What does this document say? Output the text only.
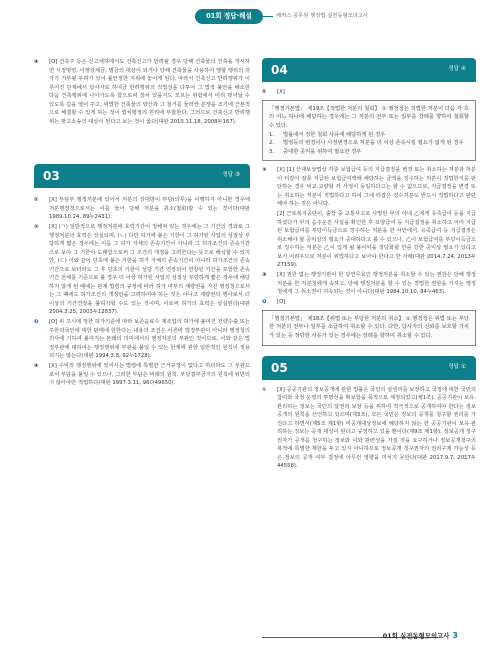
01회 정답·해설	해커스 공무원 행정법 실전동형모의고사
④ [O] 건축주 등은 신고제하에서도 건축신고가 반려될 경우 당해 건축물의 건축을 개시하면 시정명령, 이행강제금, 벌금의 대상이 되거나 당해 건축물을 사용하여 행할 행위의 허가가 거부될 우려가 있어 불안정한 지위에 놓이게 된다. 따라서 건축신고 반려행위가 이루어진 단계에서 당사자로 하여금 반려행위의 적법성을 다투어 그 법적 불안을 해소한 다음 건축행위에 나아가도록 함으로써 장차 있을지도 모르는 위험에서 미리 벗어날 수 있도록 길을 열어 주고, 위법한 건축물의 양산과 그 철거를 둘러싼 분쟁을 조기에 근본적으로 해결할 수 있게 하는 것이 법치행정의 원리에 부합한다. 그러므로 건축신고 반려행위는 항고소송의 대상이 된다고 보는 것이 옳다(대판 2010.11.18, 2008두167).
03	정답 ③
① [X] 부담부 행정처분에 있어서 처분의 상대방이 부담(의무)을 이행하지 아니한 경우에 처분행정청으로서는 이를 들어 당해 처분을 취소(철회)할 수 있는 것이다(대판 1989.10.24, 89누2431).
② [X] (ㄱ) 일반적으로 행정처분에 효력기간이 정해져 있는 경우에는 그 기간의 경과로 그 행정처분의 효력은 상실되며, (ㄴ) 다만 허가에 붙은 기한이 그 허가된 사업의 성질상 부당하게 짧은 경우에는 이를 그 허가 자체의 존속기간이 아니라 그 허가조건의 존속기간으로 보아 그 기한이 도래함으로써 그 조건의 개정을 고려한다는 뜻으로 해석할 수 있지만, (ㄷ) 이와 같이 당초에 붙은 기한을 허가 자체의 존속기간이 아니라 허가조건의 존속기간으로 보더라도 그 후 당초의 기한이 상당 기간 연장되어 연장된 기간을 포함한 존속기간 전체를 기준으로 볼 경우 더 이상 허가된 사업의 성질상 부당하게 짧은 경우에 해당하지 않게 된 때에는 관계 법령의 규정에 따라 허가 여부의 재량권을 가진 행정청으로서는 그 때에도 허가조건의 개정만을 고려하여야 하는 것은 아니고 재량권의 행사로서 더 이상의 기간연장을 불허가할 수도 있는 것이며, 이로써 허가의 효력은 상실된다(대판 2004.3.25, 2003두12837).
❸ [O] 위 고시에 정한 허가기준에 따라 보존음료수 제조업의 허가에 붙여진 전량수출 또는 주한외국인에 대한 판매에 한한다는 내용의 조건은 이른바 법정부관이 아니라 행정청의 의사에 기하여 붙여지는 본래의 의미에서의 행정처분의 부관인 것이므로, 이와 같은 법정부관에 대하여는 행정행위에 부관을 붙일 수 있는 한계에 관한 일반적인 원칙이 적용되지는 않는다(대판 1994.3.8, 92누1728).
④ [X] 수익적 행정행위에 있어서는 법령에 특별한 근거규정이 없다고 하더라도 그 부관으로서 부담을 붙일 수 있으나, 그러한 부담은 비례의 원칙, 부당결부금지의 원칙에 위반되지 않아야만 적법하다(대판 1997.3.11, 96다49650).
04	정답 ④
① [X]

「행정기본법」 제19조【적법한 처분의 철회】 ① 행정청은 적법한 처분이 다음 각 호의 어느 하나에 해당하는 경우에는 그 처분의 전부 또는 일부를 장래를 향하여 철회할 수 있다.

1. 법률에서 정한 철회 사유에 해당하게 된 경우
2. 법령등의 변경이나 사정변경으로 처분을 더 이상 존속시킬 필요가 없게 된 경우
3. 중대한 공익을 위하여 필요한 경우
② [X] [1] 산재보상법상 각종 보험급여 등의 지급결정을 변경 또는 취소하는 처분과 처분이 터잡아 잘못 지급된 보험급여액에 해당하는 금액을 징수하는 처분이 적법한지를 판단하는 경우 비교·교량할 각 사정이 동일하다고는 할 수 없으므로, 지급결정을 변경 또는 취소하는 처분이 적법하다고 하여 그에 터잡은 징수처분도 반드시 적법하다고 판단해야 하는 것은 아니다.
[2] 근로복지공단이, 출장 중 교통사고로 사망한 甲의 아내 乙에게 유족급여 등을 지급하였다가 甲의 음주운전 사실을 확인한 후 요양급여 등 지급결정을 취소하고 이미 지급된 보험급여를 부당이득금으로 징수하는 처분을 한 사안에서, 유족급여 등 지급결정은 취소해야 할 공익상의 필요가 중대하다고 볼 수 있으나, 乙이 보험급여를 부당이득금으로 징수하는 처분은 乙이 입게 될 불이익을 정당화할 만큼 강한 공익상 필요가 있다고 보기 어려우므로 처분이 위법하다고 보아야 한다고 한 사례(대판 2014.7.24, 2013두27159).
③ [X] 권한 없는 행정기관이 한 당연무효인 행정처분을 취소할 수 있는 권한은 당해 행정처분을 한 처분청에게 속하고, 당해 행정처분을 할 수 있는 적법한 권한을 가지는 행정청에게 그 취소권이 귀속되는 것이 아니다(대판 1984.10.10, 84누463).
❹ [O]

「행정기본법」 제18조【위법 또는 부당한 처분의 취소】 ① 행정청은 위법 또는 부당한 처분의 전부나 일부를 소급하여 취소할 수 있다. 다만, 당사자의 신뢰를 보호할 가치가 있는 등 정당한 사유가 있는 경우에는 장래를 향하여 취소할 수 있다.

05	정답 ①
① [X] 공공기관의 정보공개에 관한 법률은 국민의 알권리를 보장하고 국정에 대한 국민의 참여와 국정 운영의 투명성을 확보함을 목적으로 제정되었고(제1조), 공공기관이 보유·관리하는 정보는 국민의 알권리 보장 등을 위하여 적극적으로 공개하여야 한다는 정보공개의 원칙을 선언하고 있으며(제3조), 모든 국민은 정보의 공개를 청구할 권리를 가진다고 하면서(제5조 제1항) 비공개대상정보에 해당하지 않는 한 공공기관이 보유·관리하는 정보는 공개 대상이 된다고 규정하고 있을 뿐이다(제9조 제1항). 정보공개 청구권자가 공개를 청구하는 정보와 이와 관련성을 가질 것을 요구하거나 정보공개청구의 목적에 특별한 제한을 두고 있지 아니하므로 정보공개 청구권자의 권리구제 가능성 등은 정보의 공개 여부 결정에 아무런 영향을 미치지 못한다(대판 2017.9.7, 2017두44558).
01회 실전동형모의고사 3
